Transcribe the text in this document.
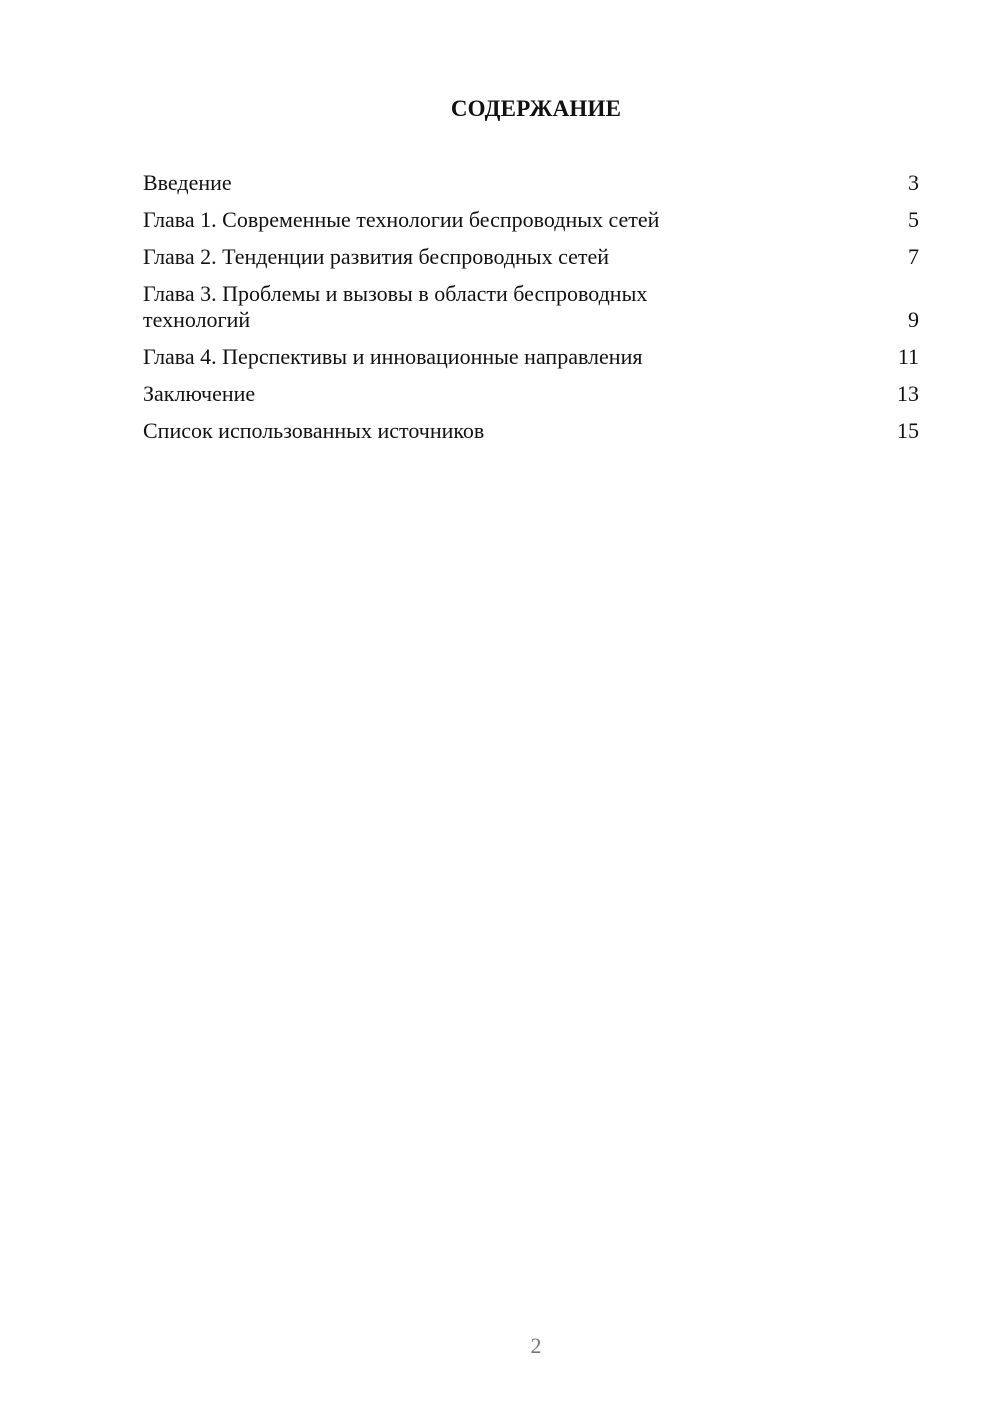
СОДЕРЖАНИЕ
Введение	3
Глава 1. Современные технологии беспроводных сетей	5
Глава 2. Тенденции развития беспроводных сетей	7
Глава 3. Проблемы и вызовы в области беспроводных технологий	9
Глава 4. Перспективы и инновационные направления	11
Заключение	13
Список использованных источников	15
2
